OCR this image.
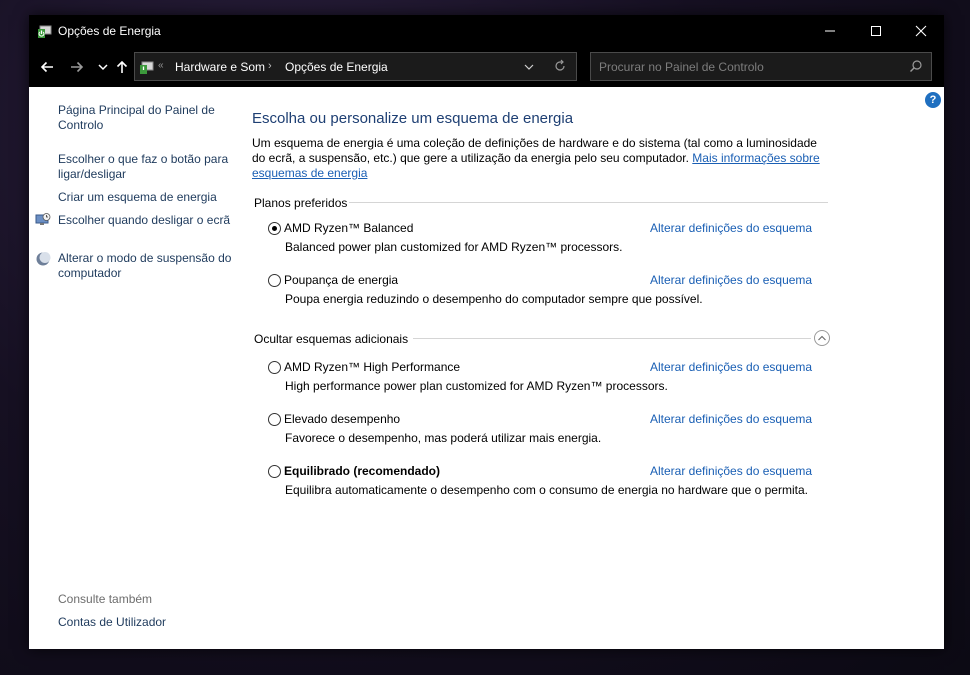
Opções de Energia
« Hardware e Som › Opções de Energia	Procurar no Painel de Controlo
?
Página Principal do Painel de Controlo
Escolher o que faz o botão para ligar/desligar
Criar um esquema de energia
Escolher quando desligar o ecrã
Alterar o modo de suspensão do computador
Consulte também
Contas de Utilizador
Escolha ou personalize um esquema de energia
Um esquema de energia é uma coleção de definições de hardware e do sistema (tal como a luminosidade do ecrã, a suspensão, etc.) que gere a utilização da energia pelo seu computador. Mais informações sobre esquemas de energia
Planos preferidos
AMD Ryzen™ Balanced
Balanced power plan customized for AMD Ryzen™ processors.
Alterar definições do esquema
Poupança de energia
Poupa energia reduzindo o desempenho do computador sempre que possível.
Alterar definições do esquema
Ocultar esquemas adicionais
AMD Ryzen™ High Performance
High performance power plan customized for AMD Ryzen™ processors.
Alterar definições do esquema
Elevado desempenho
Favorece o desempenho, mas poderá utilizar mais energia.
Alterar definições do esquema
Equilibrado (recomendado)
Equilibra automaticamente o desempenho com o consumo de energia no hardware que o permita.
Alterar definições do esquema
